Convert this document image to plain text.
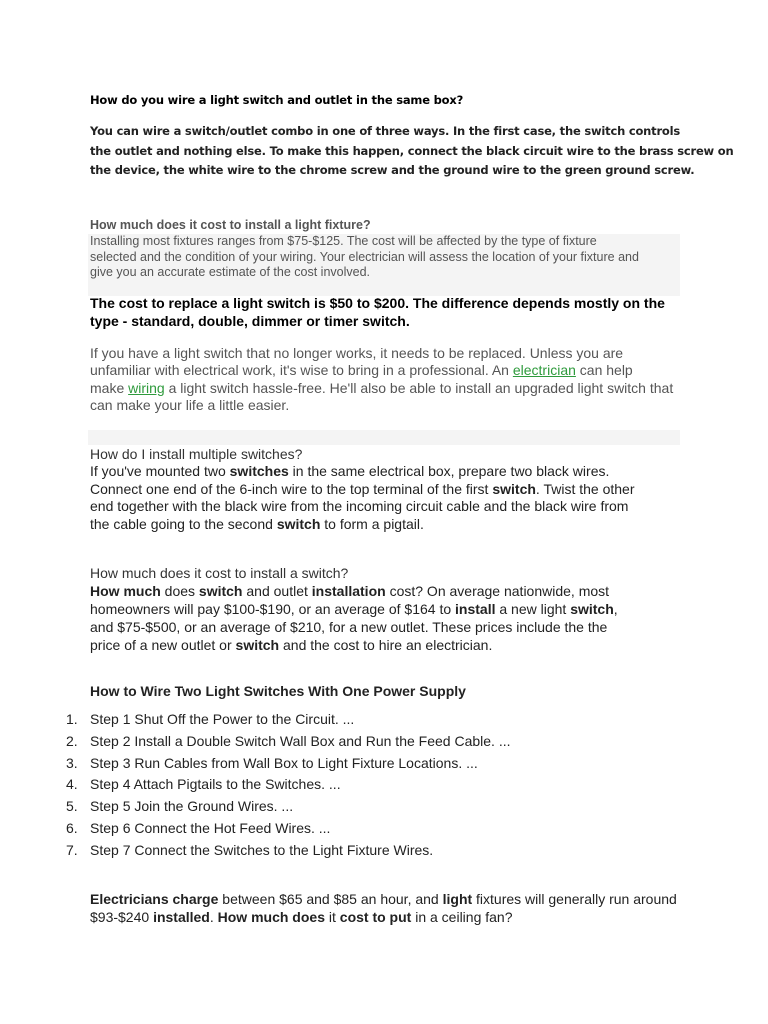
How do you wire a light switch and outlet in the same box?

You can wire a switch/outlet combo in one of three ways. In the first case, the switch controls

the outlet and nothing else. To make this happen, connect the black circuit wire to the brass screw on

the device, the white wire to the chrome screw and the ground wire to the green ground screw.

How much does it cost to install a light fixture?

Installing most fixtures ranges from $75-$125. The cost will be affected by the type of fixture

selected and the condition of your wiring. Your electrician will assess the location of your fixture and

give you an accurate estimate of the cost involved.

The cost to replace a light switch is $50 to $200. The difference depends mostly on the

type - standard, double, dimmer or timer switch.

If you have a light switch that no longer works, it needs to be replaced. Unless you are

unfamiliar with electrical work, it's wise to bring in a professional. An electrician can help

make wiring a light switch hassle-free. He'll also be able to install an upgraded light switch that

can make your life a little easier.

How do I install multiple switches?

If you've mounted two switches in the same electrical box, prepare two black wires.

Connect one end of the 6-inch wire to the top terminal of the first switch. Twist the other

end together with the black wire from the incoming circuit cable and the black wire from

the cable going to the second switch to form a pigtail.

How much does it cost to install a switch?

How much does switch and outlet installation cost? On average nationwide, most

homeowners will pay $100-$190, or an average of $164 to install a new light switch,

and $75-$500, or an average of $210, for a new outlet. These prices include the the

price of a new outlet or switch and the cost to hire an electrician.

How to Wire Two Light Switches With One Power Supply
1. Step 1 Shut Off the Power to the Circuit. ...
2. Step 2 Install a Double Switch Wall Box and Run the Feed Cable. ...
3. Step 3 Run Cables from Wall Box to Light Fixture Locations. ...
4. Step 4 Attach Pigtails to the Switches. ...
5. Step 5 Join the Ground Wires. ...
6. Step 6 Connect the Hot Feed Wires. ...
7. Step 7 Connect the Switches to the Light Fixture Wires.

Electricians charge between $65 and $85 an hour, and light fixtures will generally run around

$93-$240 installed. How much does it cost to put in a ceiling fan?
